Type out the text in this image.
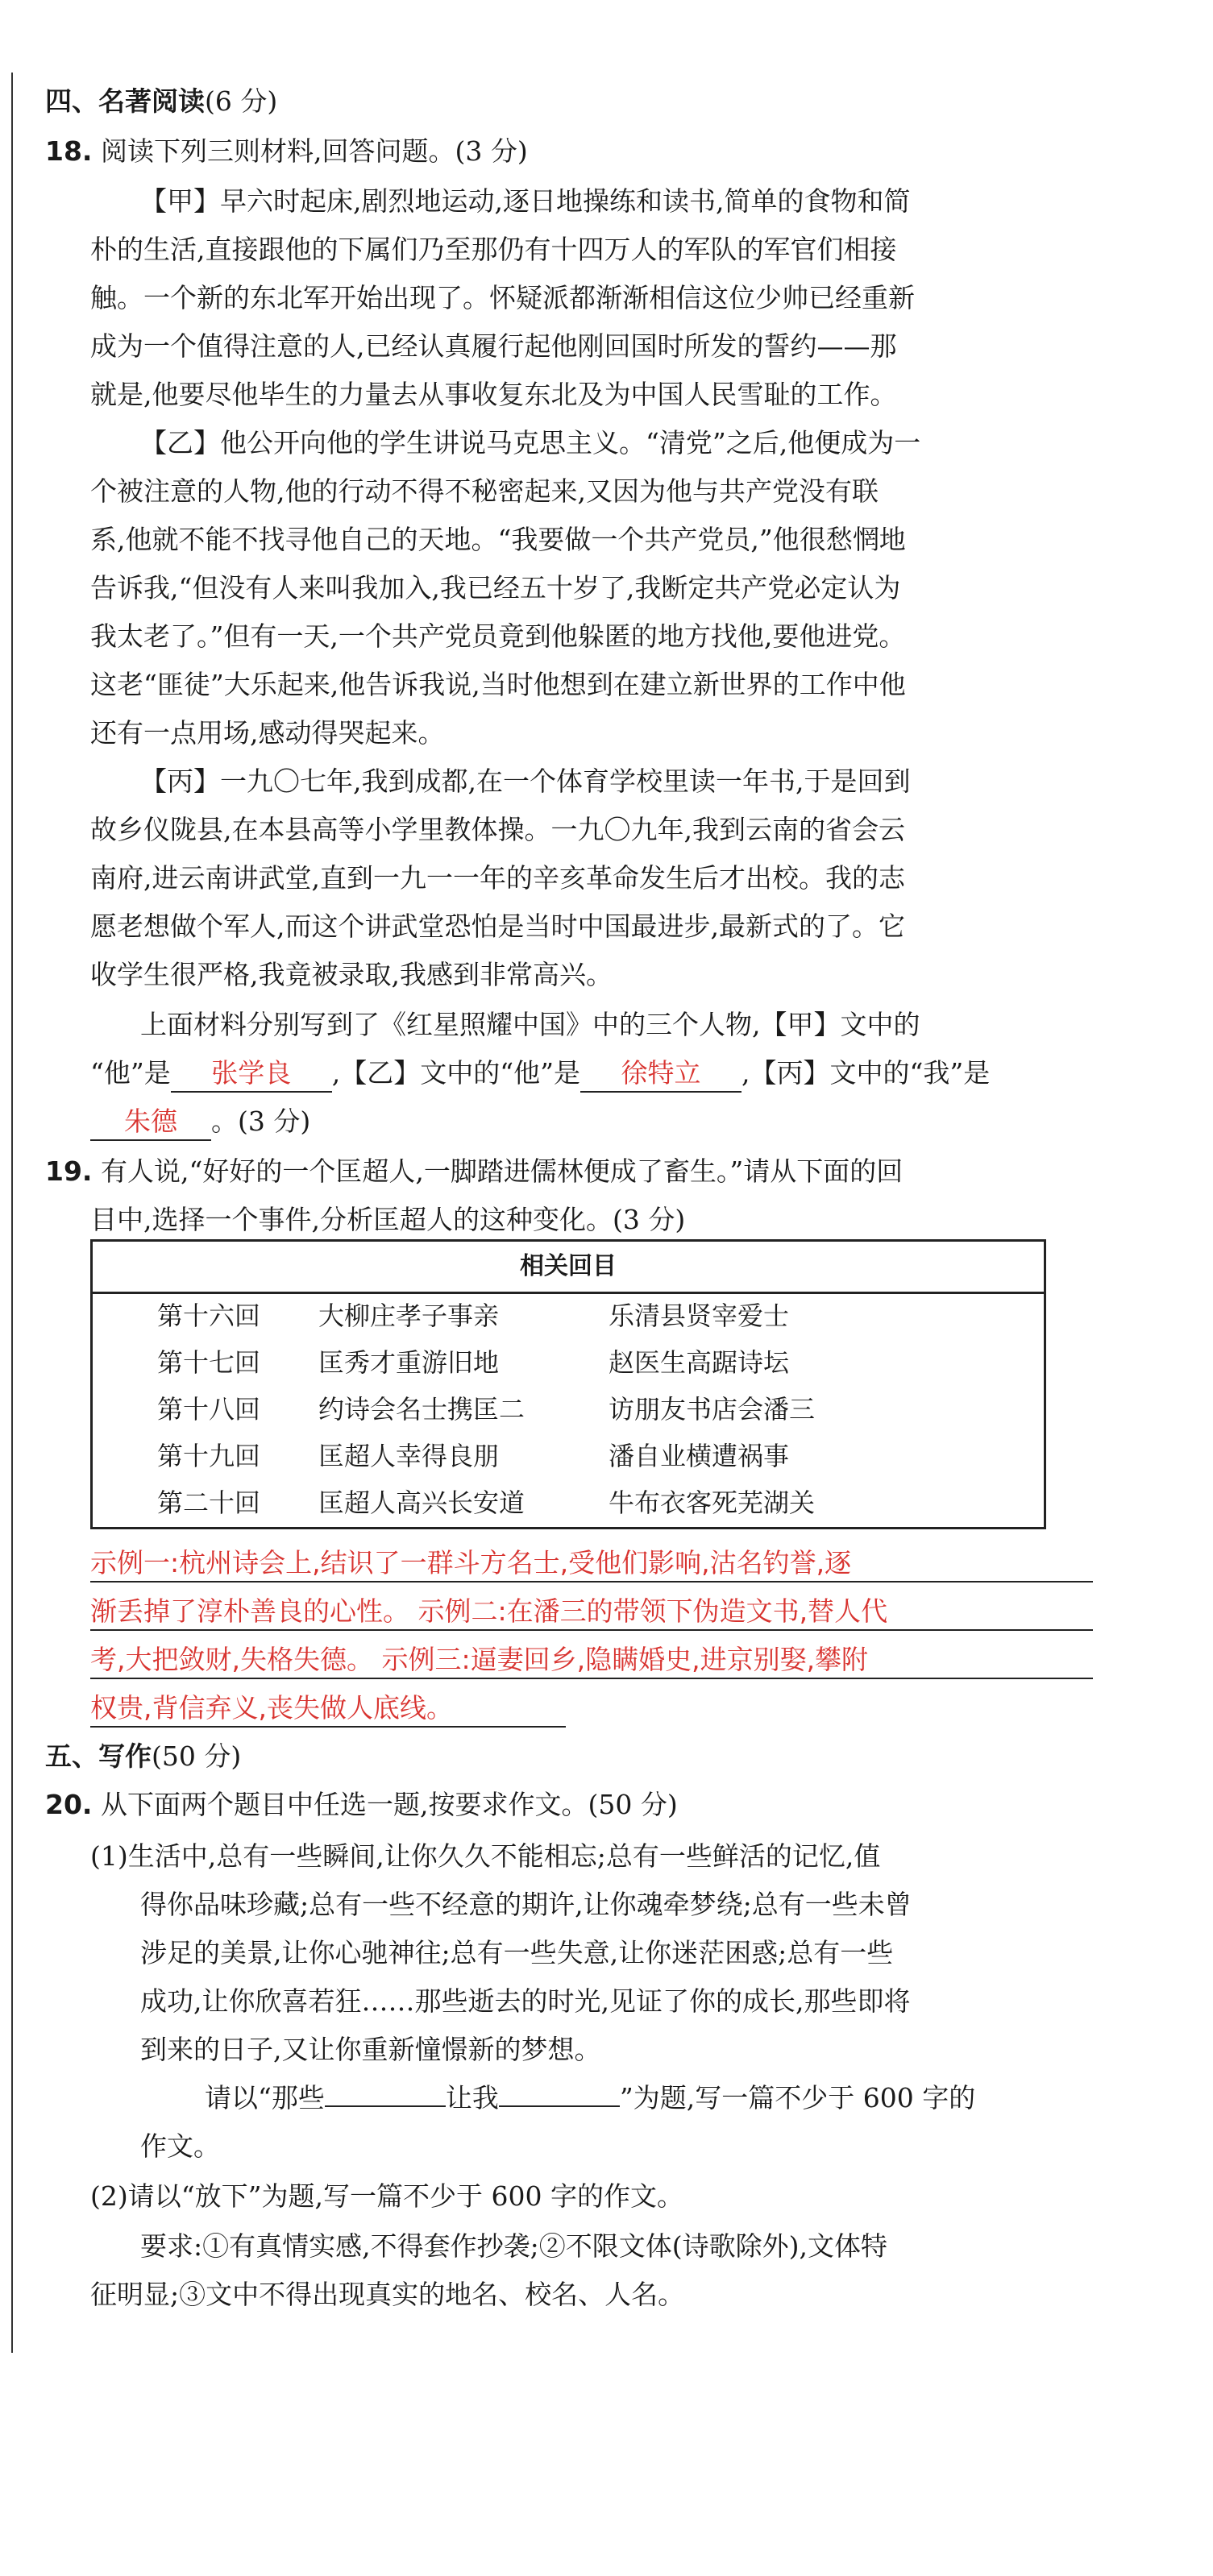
四、名著阅读(6 分)
18. 阅读下列三则材料,回答问题。(3 分)
【甲】早六时起床,剧烈地运动,逐日地操练和读书,简单的食物和简
朴的生活,直接跟他的下属们乃至那仍有十四万人的军队的军官们相接
触。一个新的东北军开始出现了。怀疑派都渐渐相信这位少帅已经重新
成为一个值得注意的人,已经认真履行起他刚回国时所发的誓约——那
就是,他要尽他毕生的力量去从事收复东北及为中国人民雪耻的工作。
【乙】他公开向他的学生讲说马克思主义。“清党”之后,他便成为一
个被注意的人物,他的行动不得不秘密起来,又因为他与共产党没有联
系,他就不能不找寻他自己的天地。“我要做一个共产党员,”他很愁惘地
告诉我,“但没有人来叫我加入,我已经五十岁了,我断定共产党必定认为
我太老了。”但有一天,一个共产党员竟到他躲匿的地方找他,要他进党。
这老“匪徒”大乐起来,他告诉我说,当时他想到在建立新世界的工作中他
还有一点用场,感动得哭起来。
【丙】一九〇七年,我到成都,在一个体育学校里读一年书,于是回到
故乡仪陇县,在本县高等小学里教体操。一九〇九年,我到云南的省会云
南府,进云南讲武堂,直到一九一一年的辛亥革命发生后才出校。我的志
愿老想做个军人,而这个讲武堂恐怕是当时中国最进步,最新式的了。它
收学生很严格,我竟被录取,我感到非常高兴。
上面材料分别写到了《红星照耀中国》中的三个人物,【甲】文中的
“他”是 张学良 ,【乙】文中的“他”是 徐特立 ,【丙】文中的“我”是
朱德 。(3 分)
19. 有人说,“好好的一个匡超人,一脚踏进儒林便成了畜生。”请从下面的回
目中,选择一个事件,分析匡超人的这种变化。(3 分)
相关回目
第十六回 大柳庄孝子事亲	乐清县贤宰爱士
第十七回 匡秀才重游旧地	赵医生高踞诗坛
第十八回 约诗会名士携匡二	访朋友书店会潘三
第十九回 匡超人幸得良朋	潘自业横遭祸事
第二十回 匡超人高兴长安道	牛布衣客死芜湖关
示例一:杭州诗会上,结识了一群斗方名士,受他们影响,沽名钓誉,逐
渐丢掉了淳朴善良的心性。 示例二:在潘三的带领下伪造文书,替人代
考,大把敛财,失格失德。 示例三:逼妻回乡,隐瞒婚史,进京别娶,攀附
权贵,背信弃义,丧失做人底线。
五、写作(50 分)
20. 从下面两个题目中任选一题,按要求作文。(50 分)
(1)生活中,总有一些瞬间,让你久久不能相忘;总有一些鲜活的记忆,值
得你品味珍藏;总有一些不经意的期许,让你魂牵梦绕;总有一些未曾
涉足的美景,让你心驰神往;总有一些失意,让你迷茫困惑;总有一些
成功,让你欣喜若狂……那些逝去的时光,见证了你的成长,那些即将
到来的日子,又让你重新憧憬新的梦想。
请以“那些	让我	”为题,写一篇不少于 600 字的
作文。
(2)请以“放下”为题,写一篇不少于 600 字的作文。
要求:①有真情实感,不得套作抄袭;②不限文体(诗歌除外),文体特
征明显;③文中不得出现真实的地名、校名、人名。
